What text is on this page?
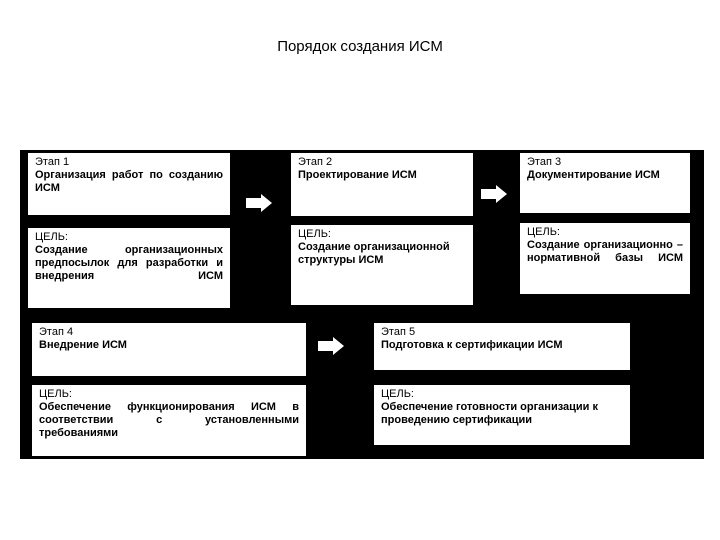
Порядок создания ИСМ
Этап 1
Организация работ по созданию ИСМ
ЦЕЛЬ:
Создание организационных предпосылок для разработки и внедрения ИСМ
Этап 2
Проектирование ИСМ
ЦЕЛЬ:
Создание организационной структуры ИСМ
Этап 3
Документирование ИСМ
ЦЕЛЬ:
Создание организационно – нормативной базы ИСМ
Этап 4
Внедрение ИСМ
ЦЕЛЬ:
Обеспечение функционирования ИСМ в соответствии с установленными требованиями
Этап 5
Подготовка к сертификации ИСМ
ЦЕЛЬ:
Обеспечение готовности организации к проведению сертификации
